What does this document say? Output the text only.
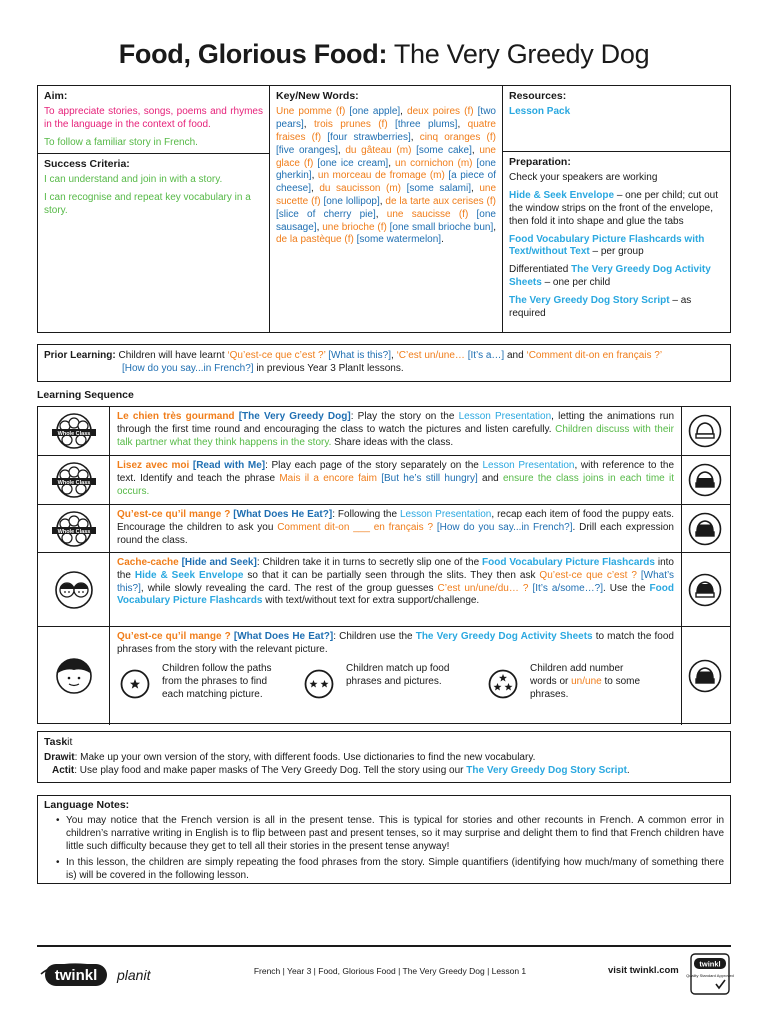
Food, Glorious Food: The Very Greedy Dog
Aim:
To appreciate stories, songs, poems and rhymes in the language in the context of food.
To follow a familiar story in French.
Success Criteria:
I can understand and join in with a story.
I can recognise and repeat key vocabulary in a story.
Key/New Words:
Une pomme (f) [one apple], deux poires (f) [two pears], trois prunes (f) [three plums], quatre fraises (f) [four strawberries], cinq oranges (f) [five oranges], du gâteau (m) [some cake], une glace (f) [one ice cream], un cornichon (m) [one gherkin], un morceau de fromage (m) [a piece of cheese], du saucisson (m) [some salami], une sucette (f) [one lollipop], de la tarte aux cerises (f) [slice of cherry pie], une saucisse (f) [one sausage], une brioche (f) [one small brioche bun], de la pastèque (f) [some watermelon].
Resources:
Lesson Pack
Preparation:
Check your speakers are working
Hide & Seek Envelope – one per child; cut out the window strips on the front of the envelope, then fold it into shape and glue the tabs
Food Vocabulary Picture Flashcards with Text/without Text – per group
Differentiated The Very Greedy Dog Activity Sheets – one per child
The Very Greedy Dog Story Script – as required
Prior Learning: Children will have learnt ‘Qu’est-ce que c’est ?’ [What is this?], ‘C’est un/une… [It’s a…] and ‘Comment dit-on en français ?’
[How do you say...in French?] in previous Year 3 PlanIt lessons.
Learning Sequence
Whole Class
Le chien très gourmand [The Very Greedy Dog]: Play the story on the Lesson Presentation, letting the animations run through the first time round and encouraging the class to watch the pictures and listen carefully. Children discuss with their talk partner what they think happens in the story. Share ideas with the class.
Whole Class
Lisez avec moi [Read with Me]: Play each page of the story separately on the Lesson Presentation, with reference to the text. Identify and teach the phrase Mais il a encore faim [But he’s still hungry] and ensure the class joins in each time it occurs.
Whole Class
Qu’est-ce qu’il mange ? [What Does He Eat?]: Following the Lesson Presentation, recap each item of food the puppy eats. Encourage the children to ask you Comment dit-on ___ en français ? [How do you say...in French?]. Drill each expression round the class.
Cache-cache [Hide and Seek]: Children take it in turns to secretly slip one of the Food Vocabulary Picture Flashcards into the Hide & Seek Envelope so that it can be partially seen through the slits. They then ask Qu’est-ce que c’est ? [What’s this?], while slowly revealing the card. The rest of the group guesses C’est un/une/du… ? [It’s a/some…?]. Use the Food Vocabulary Picture Flashcards with text/without text for extra support/challenge.
Qu’est-ce qu’il mange ? [What Does He Eat?]: Children use the The Very Greedy Dog Activity Sheets to match the food phrases from the story with the relevant picture.
Children follow the paths from the phrases to find each matching picture.
Children match up food phrases and pictures.
Children add number words or un/une to some phrases.
Taskit
Drawit: Make up your own version of the story, with different foods. Use dictionaries to find the new vocabulary.
Actit: Use play food and make paper masks of The Very Greedy Dog. Tell the story using our The Very Greedy Dog Story Script.
Language Notes:
• You may notice that the French version is all in the present tense. This is typical for stories and other recounts in French. A common error in children’s narrative writing in English is to flip between past and present tenses, so it may surprise and delight them to find that French children have little such difficulty because they get to tell all their stories in the present tense anyway!
• In this lesson, the children are simply repeating the food phrases from the story. Simple quantifiers (identifying how much/many of something there is) will be covered in the following lesson.
twinkl planit	French | Year 3 | Food, Glorious Food | The Very Greedy Dog | Lesson 1	visit twinkl.com
twinkl
Quality Standard Approved
